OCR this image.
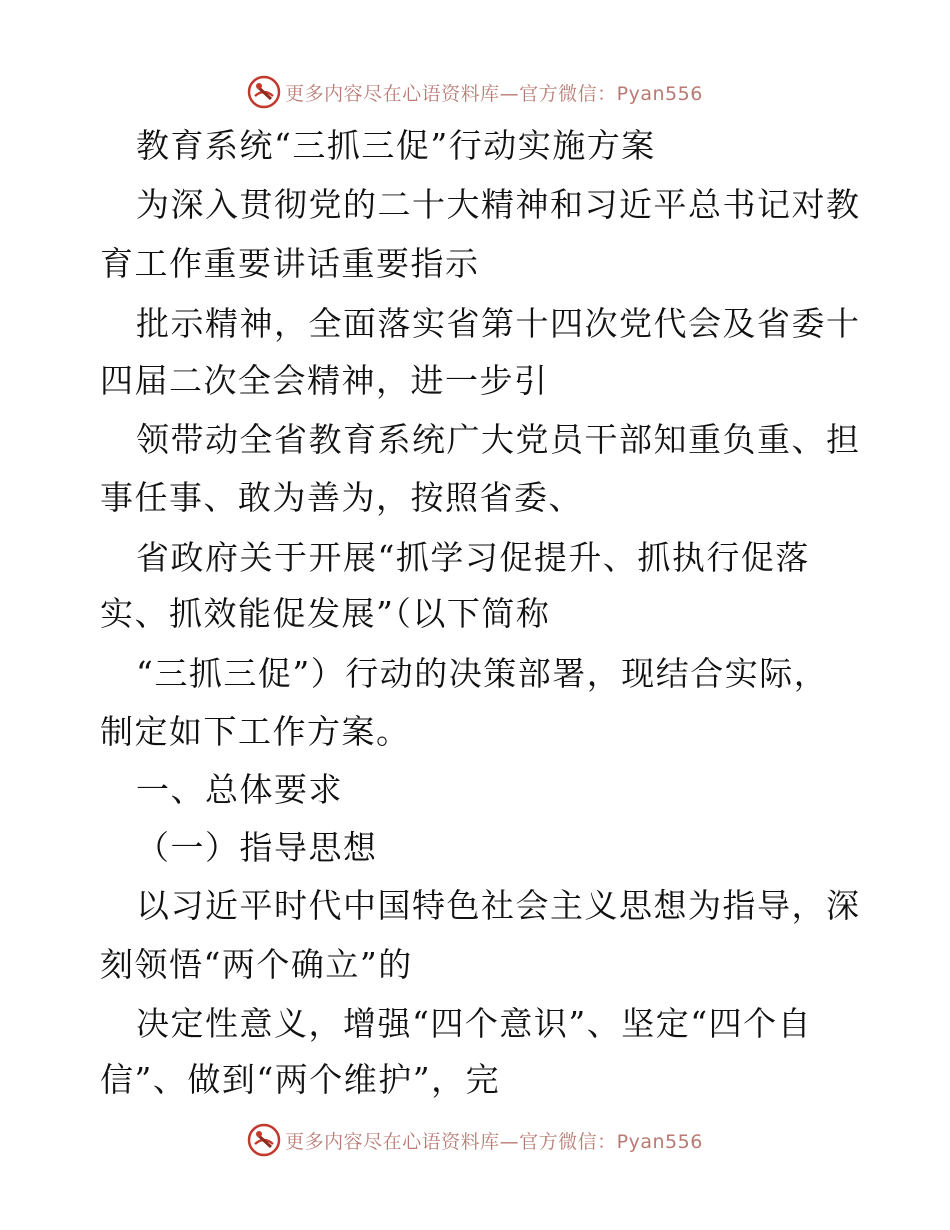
更多内容尽在心语资料库—官方微信：Pyan556
教育系统“三抓三促”行动实施方案
为深入贯彻党的二十大精神和习近平总书记对教
育工作重要讲话重要指示
批示精神，全面落实省第十四次党代会及省委十
四届二次全会精神，进一步引
领带动全省教育系统广大党员干部知重负重、担
事任事、敢为善为，按照省委、
省政府关于开展“抓学习促提升、抓执行促落
实、抓效能促发展”（以下简称
“三抓三促”）行动的决策部署，现结合实际，
制定如下工作方案。
一、总体要求
（一）指导思想
以习近平时代中国特色社会主义思想为指导，深
刻领悟“两个确立”的
决定性意义，增强“四个意识”、坚定“四个自
信”、做到“两个维护”，完
更多内容尽在心语资料库—官方微信：Pyan556
